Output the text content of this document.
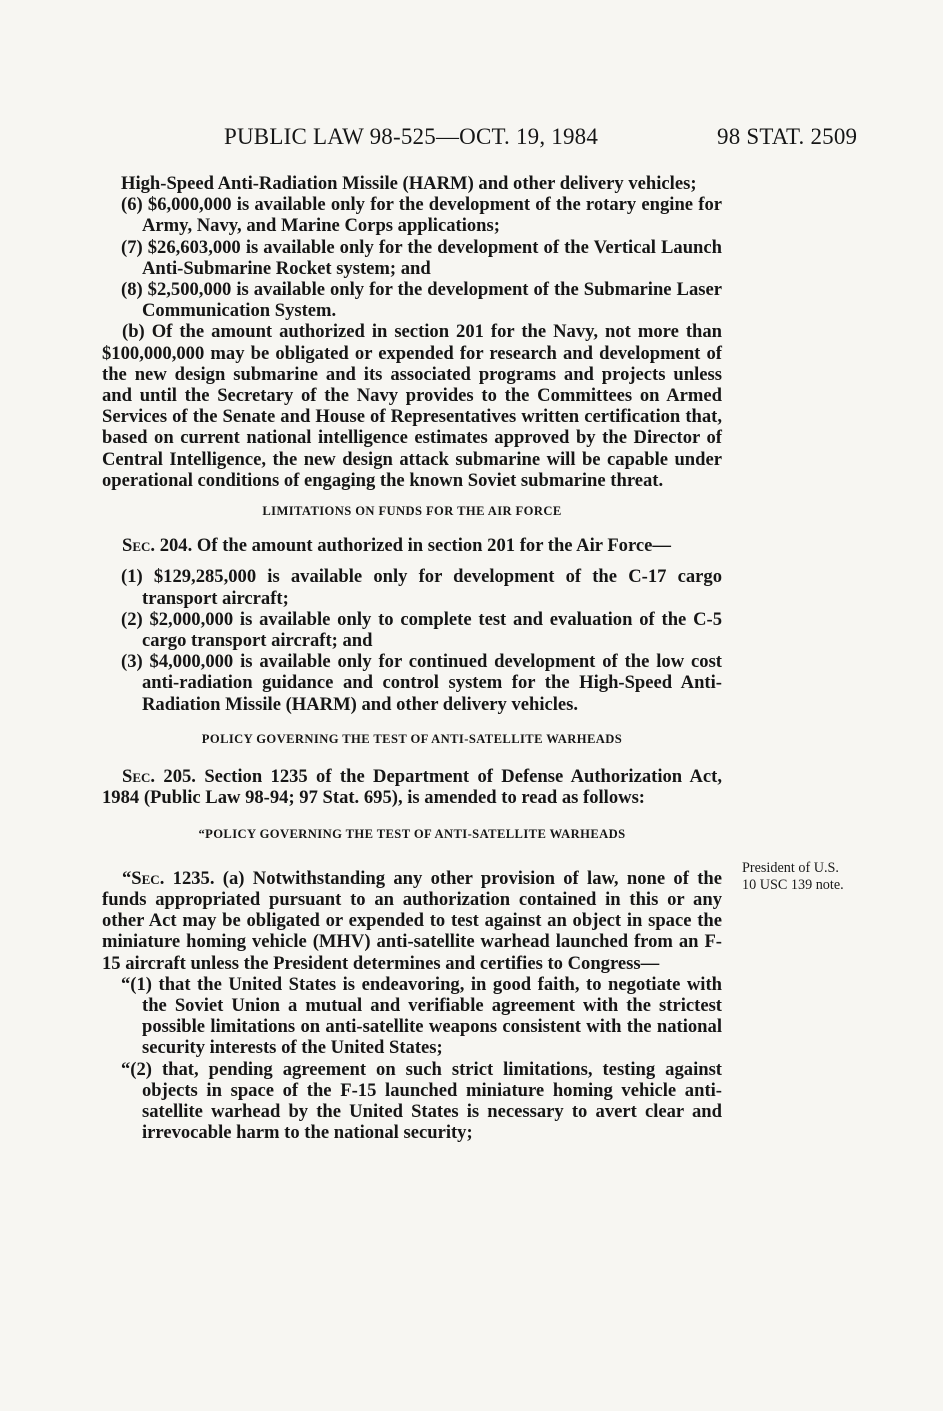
PUBLIC LAW 98-525—OCT. 19, 1984	98 STAT. 2509

High-Speed Anti-Radiation Missile (HARM) and other delivery vehicles;

(6) $6,000,000 is available only for the development of the rotary engine for Army, Navy, and Marine Corps applications;

(7) $26,603,000 is available only for the development of the Vertical Launch Anti-Submarine Rocket system; and

(8) $2,500,000 is available only for the development of the Submarine Laser Communication System.

(b) Of the amount authorized in section 201 for the Navy, not more than $100,000,000 may be obligated or expended for research and development of the new design submarine and its associated programs and projects unless and until the Secretary of the Navy provides to the Committees on Armed Services of the Senate and House of Representatives written certification that, based on current national intelligence estimates approved by the Director of Central Intelligence, the new design attack submarine will be capable under operational conditions of engaging the known Soviet submarine threat.

LIMITATIONS ON FUNDS FOR THE AIR FORCE

Sec. 204. Of the amount authorized in section 201 for the Air Force—

(1) $129,285,000 is available only for development of the C-17 cargo transport aircraft;

(2) $2,000,000 is available only to complete test and evaluation of the C-5 cargo transport aircraft; and

(3) $4,000,000 is available only for continued development of the low cost anti-radiation guidance and control system for the High-Speed Anti-Radiation Missile (HARM) and other delivery vehicles.

POLICY GOVERNING THE TEST OF ANTI-SATELLITE WARHEADS

Sec. 205. Section 1235 of the Department of Defense Authorization Act, 1984 (Public Law 98-94; 97 Stat. 695), is amended to read as follows:

“POLICY GOVERNING THE TEST OF ANTI-SATELLITE WARHEADS

“Sec. 1235. (a) Notwithstanding any other provision of law, none of the funds appropriated pursuant to an authorization contained in this or any other Act may be obligated or expended to test against an object in space the miniature homing vehicle (MHV) anti-satellite warhead launched from an F-15 aircraft unless the President determines and certifies to Congress—

“(1) that the United States is endeavoring, in good faith, to negotiate with the Soviet Union a mutual and verifiable agreement with the strictest possible limitations on anti-satellite weapons consistent with the national security interests of the United States;

“(2) that, pending agreement on such strict limitations, testing against objects in space of the F-15 launched miniature homing vehicle anti-satellite warhead by the United States is necessary to avert clear and irrevocable harm to the national security;

President of U.S.
10 USC 139 note.
